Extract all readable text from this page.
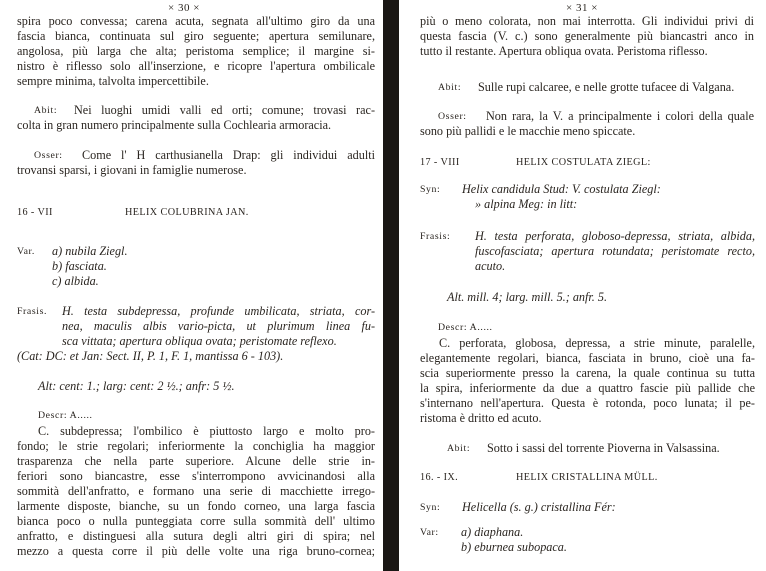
× 30 ×
spira poco convessa; carena acuta, segnata all'ultimo giro da una
fascia bianca, continuata sul giro seguente; apertura semilunare,
angolosa, più larga che alta; peristoma semplice; il margine si-
nistro è riflesso solo all'inserzione, e ricopre l'apertura ombilicale
sempre minima, talvolta impercettibile.
Abit: Nei luoghi umidi valli ed orti; comune; trovasi rac-
colta in gran numero principalmente sulla Cochlearia armoracia.
Osser: Come l' H carthusianella Drap: gli individui adulti
trovansi sparsi, i giovani in famiglie numerose.
16 - VII	HELIX COLUBRINA JAN.
Var. a) nubila Ziegl.
b) fasciata.
c) albida.
Frasis. H. testa subdepressa, profunde umbilicata, striata, cor-
nea, maculis albis vario-picta, ut plurimum linea fu-
sca vittata; apertura obliqua ovata; peristomate reflexo.
(Cat: DC: et Jan: Sect. II, P. 1, F. 1, mantissa 6 - 103).
Alt: cent: 1.; larg: cent: 2 ½.; anfr: 5 ½.
Descr: A.....
C. subdepressa; l'ombilico è piuttosto largo e molto pro-
fondo; le strie regolari; inferiormente la conchiglia ha maggior
trasparenza che nella parte superiore. Alcune delle strie in-
feriori sono biancastre, esse s'interrompono avvicinandosi alla
sommità dell'anfratto, e formano una serie di macchiette irrego-
larmente disposte, bianche, su un fondo corneo, una larga fascia
bianca poco o nulla punteggiata corre sulla sommità dell' ultimo
anfratto, e distinguesi alla sutura degli altri giri di spira; nel
mezzo a questa corre il più delle volte una riga bruno-cornea;
× 31 ×
più o meno colorata, non mai interrotta. Gli individui privi di
questa fascia (V. c.) sono generalmente più biancastri anco in
tutto il restante. Apertura obliqua ovata. Peristoma riflesso.
Abit: Sulle rupi calcaree, e nelle grotte tufacee di Valgana.
Osser: Non rara, la V. a principalmente i colori della quale
sono più pallidi e le macchie meno spiccate.
17 - VIII	HELIX COSTULATA ZIEGL:
Syn: Helix candidula Stud: V. costulata Ziegl:
» alpina Meg: in litt:
Frasis: H. testa perforata, globoso-depressa, striata, albida,
fuscofasciata; apertura rotundata; peristomate recto,
acuto.
Alt. mill. 4; larg. mill. 5.; anfr. 5.
Descr: A.....
C. perforata, globosa, depressa, a strie minute, paralelle,
elegantemente regolari, bianca, fasciata in bruno, cioè una fa-
scia superiormente presso la carena, la quale continua su tutta
la spira, inferiormente da due a quattro fascie più pallide che
s'internano nell'apertura. Questa è rotonda, poco lunata; il pe-
ristoma è dritto ed acuto.
Abit: Sotto i sassi del torrente Pioverna in Valsassina.
16. - IX.	HELIX CRISTALLINA MÜLL.
Syn: Helicella (s. g.) cristallina Fér:
Var: a) diaphana.
b) eburnea subopaca.
